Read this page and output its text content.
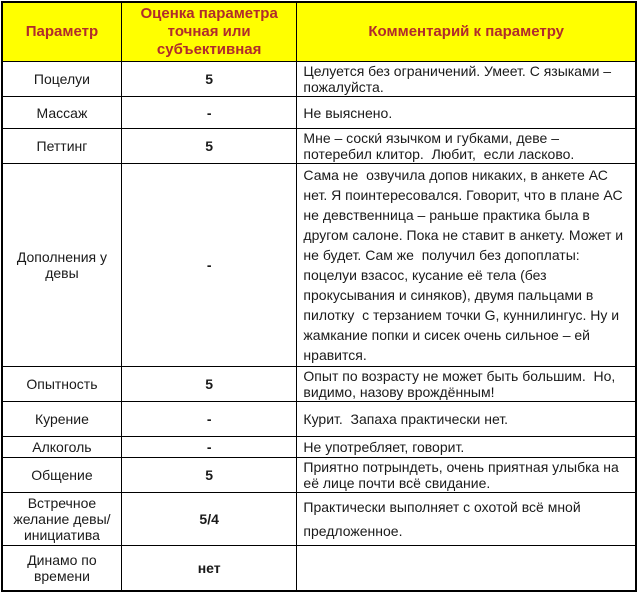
Параметр	Оценка параметра точная или субъективная	Комментарий к параметру
Поцелуи	5	Целуется без ограничений. Умеет. С языками – пожалуйста.
Массаж	-	Не выяснено.
Петтинг	5	Мне – соски́ язычком и губками, деве – потеребил клитор.  Любит,  если ласково.
Дополнения у девы	-	Сама не  озвучила допов никаких, в анкете АС нет. Я поинтересовался. Говорит, что в плане АС не девственница – раньше практика была в другом салоне. Пока не ставит в анкету. Может и не будет. Сам же  получил без допоплаты: поцелуи взасос, кусание её тела (без прокусывания и синяков), двумя пальцами в  пилотку  с терзанием точки G, куннилингус. Ну и жамкание попки и сисек очень сильное – ей нравится.
Опытность	5	Опыт по возрасту не может быть большим.  Но, видимо, назову врождённым!
Курение	-	Курит.  Запаха практически нет.
Алкоголь	-	Не употребляет, говорит.
Общение	5	Приятно потрындеть, очень приятная улыбка на её лице почти всё свидание.
Встречное желание девы/ инициатива	5/4	Практически выполняет с охотой всё мной предложенное.
Динамо по времени	нет	
